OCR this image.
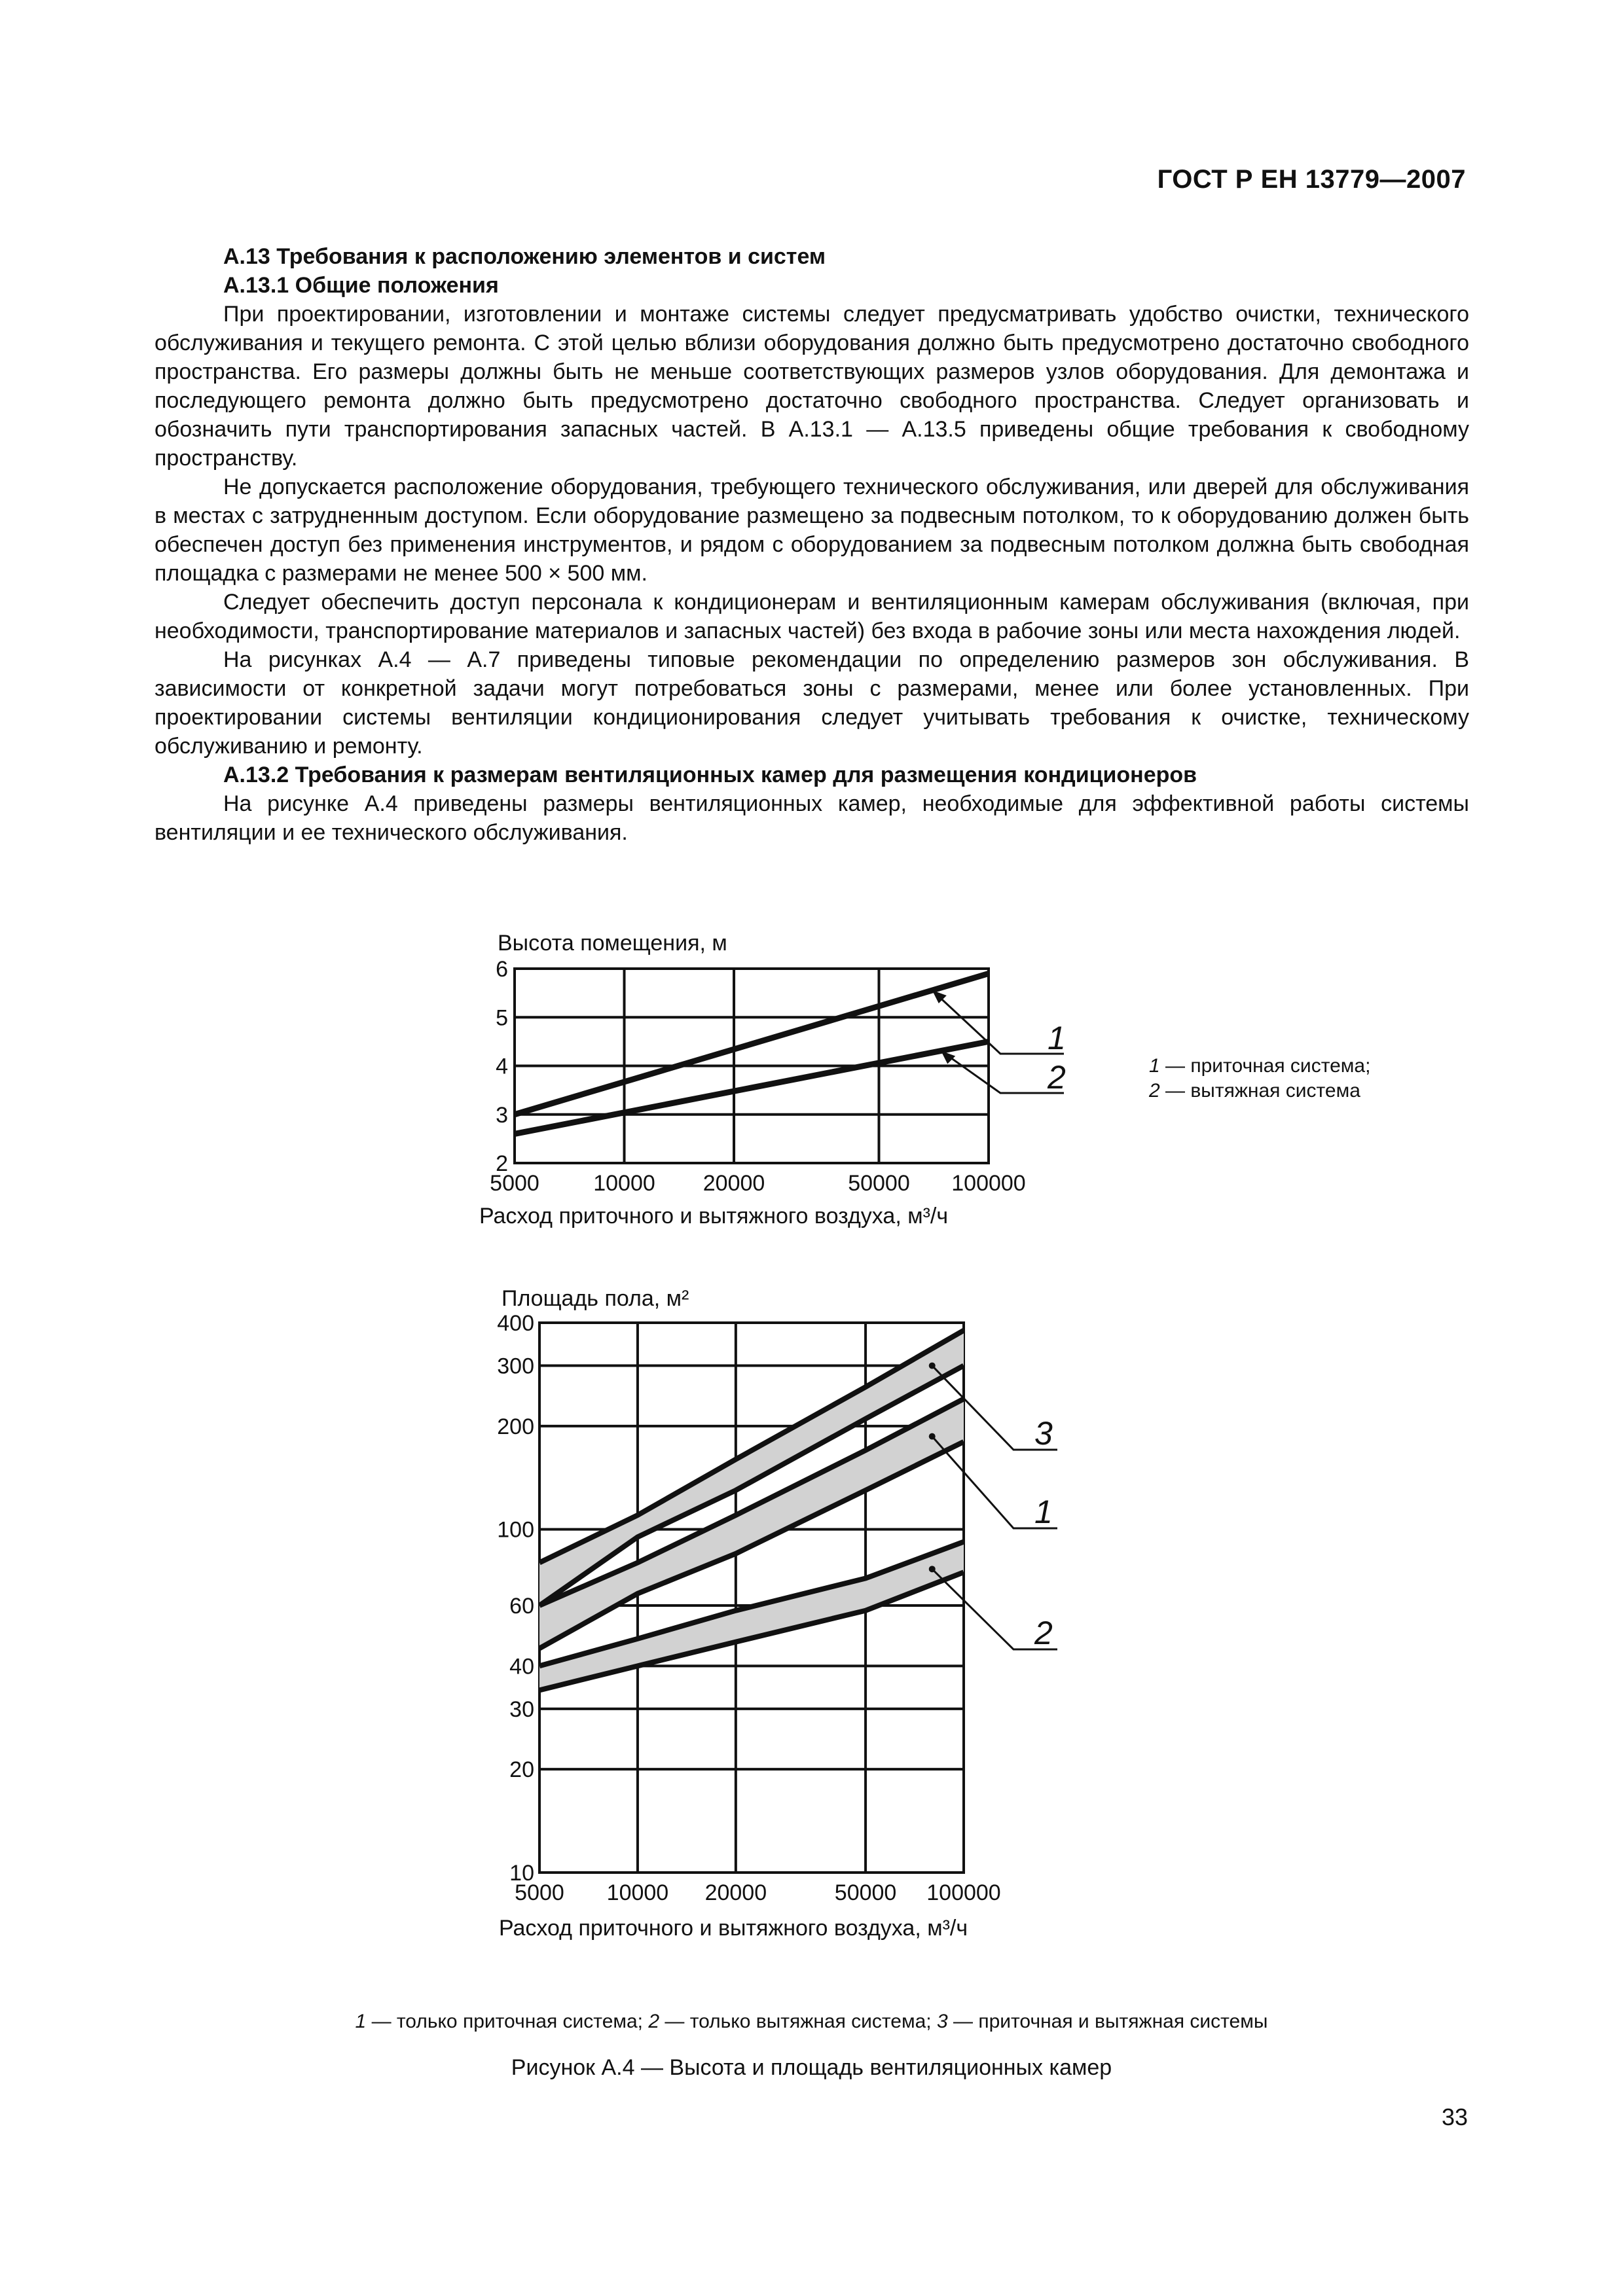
ГОСТ Р ЕН 13779—2007
А.13 Требования к расположению элементов и систем
А.13.1 Общие положения

При проектировании, изготовлении и монтаже системы следует предусматривать удобство очистки, технического обслуживания и текущего ремонта. С этой целью вблизи оборудования должно быть предусмотрено достаточно свободного пространства. Его размеры должны быть не меньше соответствующих размеров узлов оборудования. Для демонтажа и последующего ремонта должно быть предусмотрено достаточно свободного пространства. Следует организовать и обозначить пути транспортирования запасных частей. В А.13.1 — А.13.5 приведены общие требования к свободному пространству.

Не допускается расположение оборудования, требующего технического обслуживания, или дверей для обслуживания в местах с затрудненным доступом. Если оборудование размещено за подвесным потолком, то к оборудованию должен быть обеспечен доступ без применения инструментов, и рядом с оборудованием за подвесным потолком должна быть свободная площадка с размерами не менее 500 × 500 мм.

Следует обеспечить доступ персонала к кондиционерам и вентиляционным камерам обслуживания (включая, при необходимости, транспортирование материалов и запасных частей) без входа в рабочие зоны или места нахождения людей.

На рисунках А.4 — А.7 приведены типовые рекомендации по определению размеров зон обслуживания. В зависимости от конкретной задачи могут потребоваться зоны с размерами, менее или более установленных. При проектировании системы вентиляции кондиционирования следует учитывать требования к очистке, техническому обслуживанию и ремонту.

А.13.2 Требования к размерам вентиляционных камер для размещения кондиционеров

На рисунке А.4 приведены размеры вентиляционных камер, необходимые для эффективной работы системы вентиляции и ее технического обслуживания.

6
5
4
3
2
5000 10000 20000	50000 100000
Высота помещения, м
Расход приточного и вытяжного воздуха, м³/ч
1
2
400
300
200
100
60
40
30
20
10
5000 10000 20000	50000 100000
Площадь пола, м²
Расход приточного и вытяжного воздуха, м³/ч
3
1
2
1 — приточная система;
2 — вытяжная система
1 — только приточная система; 2 — только вытяжная система; 3 — приточная и вытяжная системы
Рисунок А.4 — Высота и площадь вентиляционных камер
33
